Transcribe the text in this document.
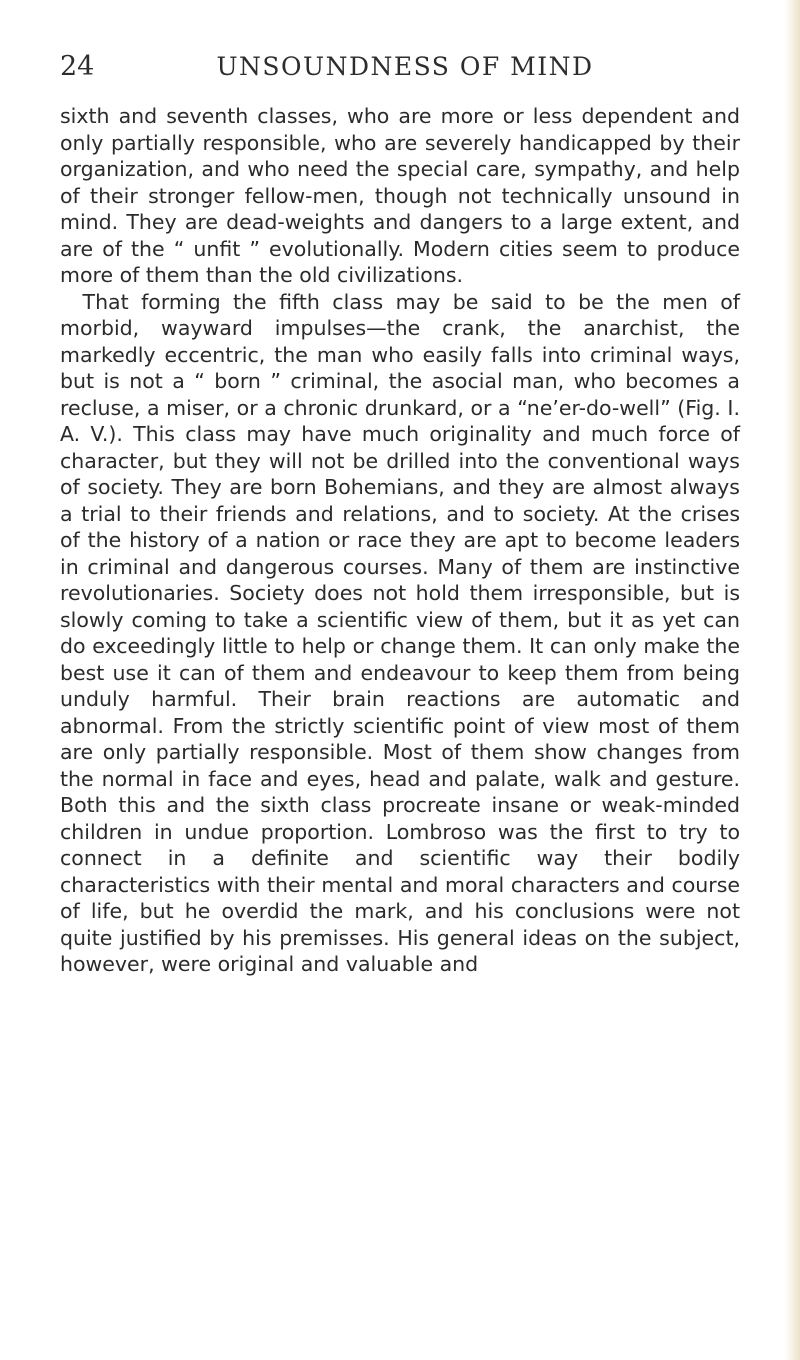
24	UNSOUNDNESS OF MIND

sixth and seventh classes, who are more or less dependent and only partially responsible, who are severely handicapped by their organization, and who need the special care, sympathy, and help of their stronger fellow-men, though not technically unsound in mind. They are dead-weights and dangers to a large extent, and are of the “ unfit ” evolutionally. Modern cities seem to produce more of them than the old civilizations.

That forming the fifth class may be said to be the men of morbid, wayward impulses—the crank, the anarchist, the markedly eccentric, the man who easily falls into criminal ways, but is not a “ born ” criminal, the asocial man, who becomes a recluse, a miser, or a chronic drunkard, or a “ne’er-do-well” (Fig. I. A. V.). This class may have much originality and much force of character, but they will not be drilled into the conventional ways of society. They are born Bohemians, and they are almost always a trial to their friends and relations, and to society. At the crises of the history of a nation or race they are apt to become leaders in criminal and dangerous courses. Many of them are instinctive revolutionaries. Society does not hold them irresponsible, but is slowly coming to take a scientific view of them, but it as yet can do exceedingly little to help or change them. It can only make the best use it can of them and endeavour to keep them from being unduly harmful. Their brain reactions are automatic and abnormal. From the strictly scientific point of view most of them are only partially responsible. Most of them show changes from the normal in face and eyes, head and palate, walk and gesture. Both this and the sixth class procreate insane or weak-minded children in undue proportion. Lombroso was the first to try to connect in a definite and scientific way their bodily characteristics with their mental and moral characters and course of life, but he overdid the mark, and his conclusions were not quite justified by his premisses. His general ideas on the subject, however, were original and valuable and
